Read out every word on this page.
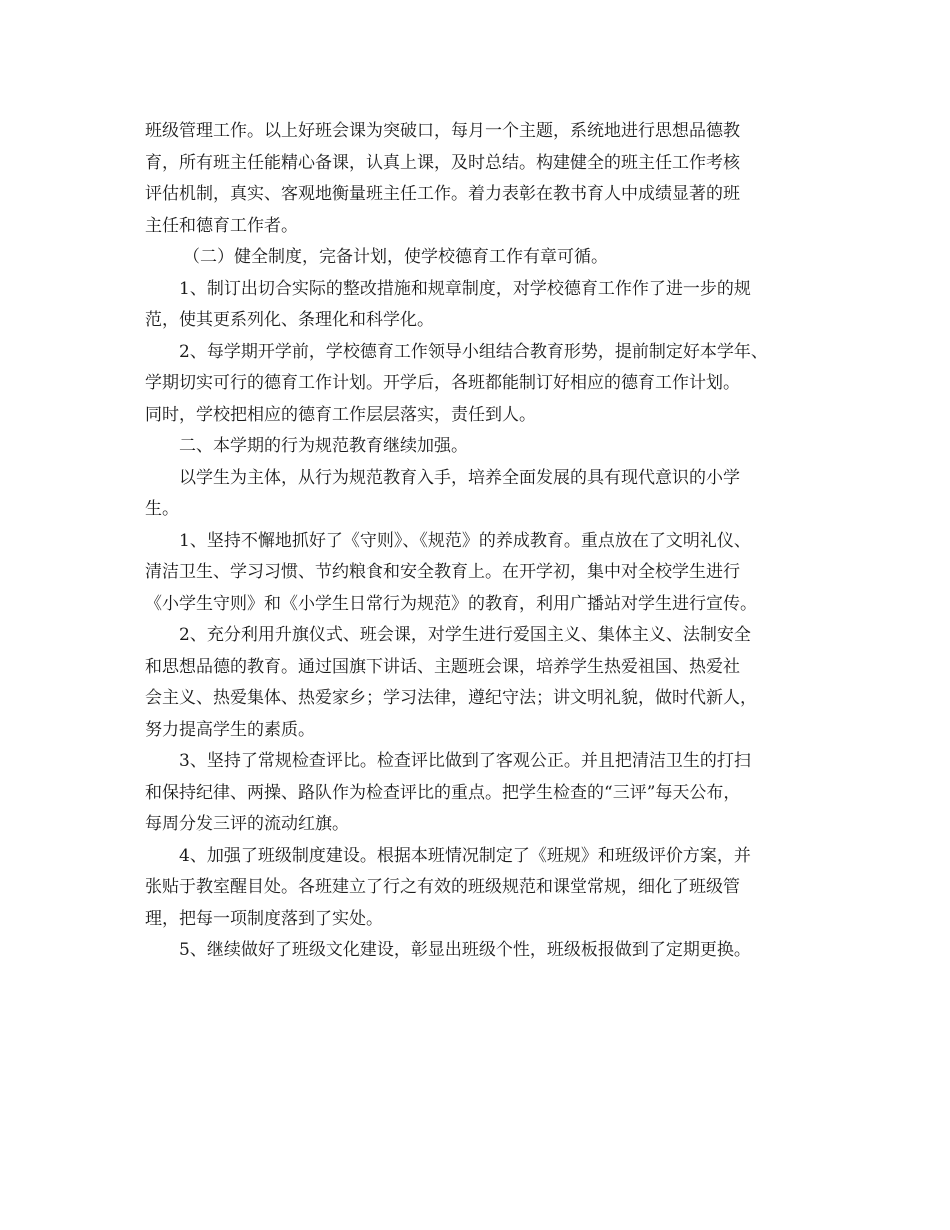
班级管理工作。以上好班会课为突破口，每月一个主题，系统地进行思想品德教
育，所有班主任能精心备课，认真上课，及时总结。构建健全的班主任工作考核
评估机制，真实、客观地衡量班主任工作。着力表彰在教书育人中成绩显著的班
主任和德育工作者。
（二）健全制度，完备计划，使学校德育工作有章可循。
1、制订出切合实际的整改措施和规章制度，对学校德育工作作了进一步的规
范，使其更系列化、条理化和科学化。
2、每学期开学前，学校德育工作领导小组结合教育形势，提前制定好本学年、
学期切实可行的德育工作计划。开学后，各班都能制订好相应的德育工作计划。
同时，学校把相应的德育工作层层落实，责任到人。
二、本学期的行为规范教育继续加强。
以学生为主体，从行为规范教育入手，培养全面发展的具有现代意识的小学
生。
1、坚持不懈地抓好了《守则》、《规范》的养成教育。重点放在了文明礼仪、
清洁卫生、学习习惯、节约粮食和安全教育上。在开学初，集中对全校学生进行
《小学生守则》和《小学生日常行为规范》的教育，利用广播站对学生进行宣传。
2、充分利用升旗仪式、班会课，对学生进行爱国主义、集体主义、法制安全
和思想品德的教育。通过国旗下讲话、主题班会课，培养学生热爱祖国、热爱社
会主义、热爱集体、热爱家乡；学习法律，遵纪守法；讲文明礼貌，做时代新人，
努力提高学生的素质。
3、坚持了常规检查评比。检查评比做到了客观公正。并且把清洁卫生的打扫
和保持纪律、两操、路队作为检查评比的重点。把学生检查的“三评”每天公布，
每周分发三评的流动红旗。
4、加强了班级制度建设。根据本班情况制定了《班规》和班级评价方案，并
张贴于教室醒目处。各班建立了行之有效的班级规范和课堂常规，细化了班级管
理，把每一项制度落到了实处。
5、继续做好了班级文化建设，彰显出班级个性，班级板报做到了定期更换。
